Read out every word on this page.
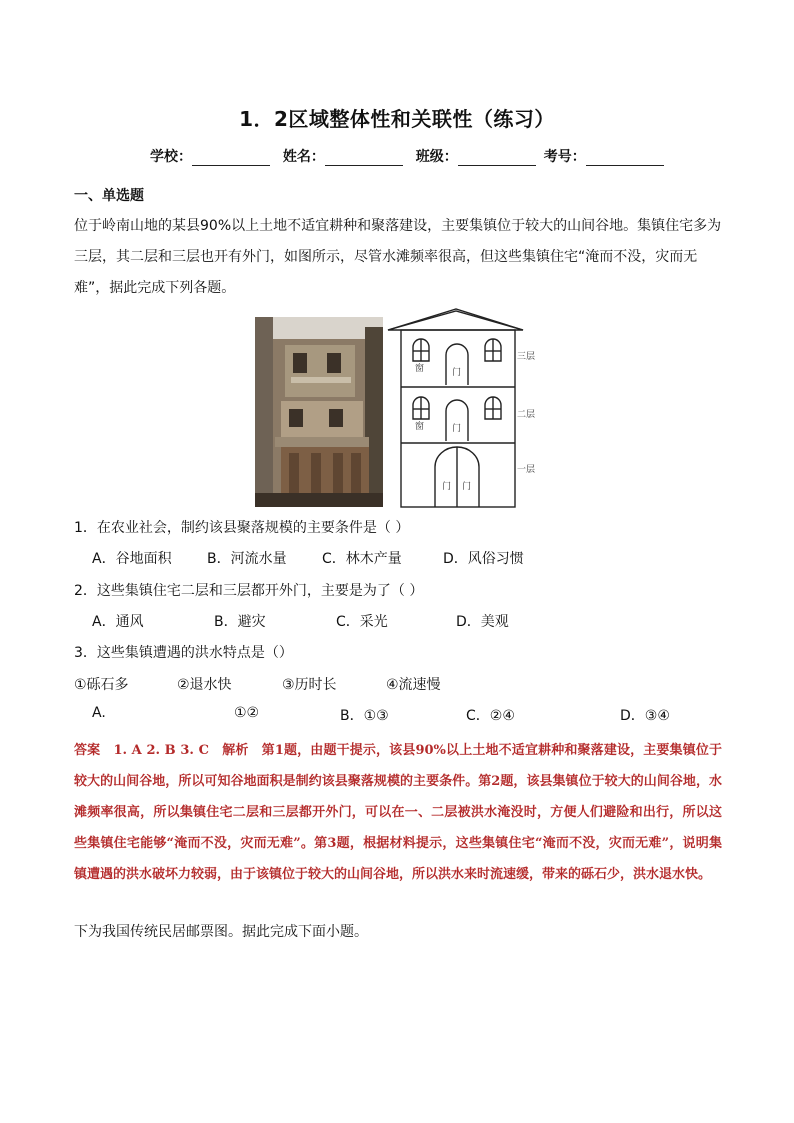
1．2区域整体性和关联性（练习）
学校：	姓名：	班级：	考号：
一、单选题
位于岭南山地的某县90%以上土地不适宜耕种和聚落建设，主要集镇位于较大的山间谷地。集镇住宅多为三层，其二层和三层也开有外门，如图所示，尽管水滩频率很高，但这些集镇住宅“淹而不没，灾而无难”，据此完成下列各题。
三层
二层
一层
窗	门
窗	门
门 门
1．在农业社会，制约该县聚落规模的主要条件是（ ）
A．谷地面积	B．河流水量	C．林木产量	D．风俗习惯
2．这些集镇住宅二层和三层都开外门，主要是为了（ ）
A．通风	B．避灾	C．采光	D．美观
3．这些集镇遭遇的洪水特点是（）
①砾石多	②退水快	③历时长	④流速慢
A.	①②	B．①③	C．②④	D．③④
答案　1. A 2. B 3. C　解析　第1题，由题干提示，该县90%以上土地不适宜耕种和聚落建设，主要集镇位于较大的山间谷地，所以可知谷地面积是制约该县聚落规模的主要条件。第2题，该县集镇位于较大的山间谷地，水滩频率很高，所以集镇住宅二层和三层都开外门，可以在一、二层被洪水淹没时，方便人们避险和出行，所以这些集镇住宅能够“淹而不没，灾而无难”。第3题，根据材料提示，这些集镇住宅“淹而不没，灾而无难”，说明集镇遭遇的洪水破坏力较弱，由于该镇位于较大的山间谷地，所以洪水来时流速缓，带来的砾石少，洪水退水快。
下为我国传统民居邮票图。据此完成下面小题。
